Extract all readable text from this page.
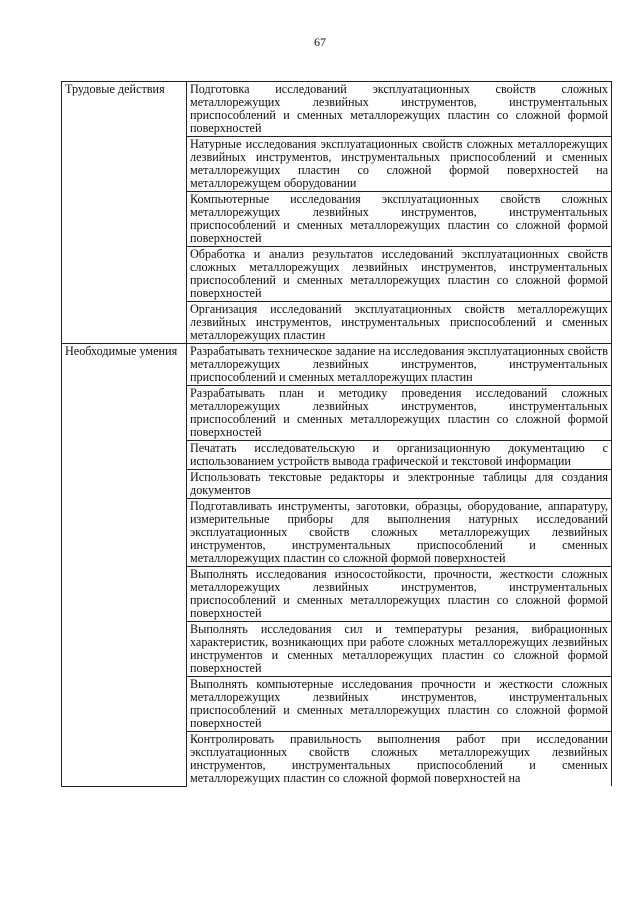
67
Трудовые действия	Подготовка исследований эксплуатационных свойств сложных металлорежущих лезвийных инструментов, инструментальных приспособлений и сменных металлорежущих пластин со сложной формой поверхностей
	Натурные исследования эксплуатационных свойств сложных металлорежущих лезвийных инструментов, инструментальных приспособлений и сменных металлорежущих пластин со сложной формой поверхностей на металлорежущем оборудовании
	Компьютерные исследования эксплуатационных свойств сложных металлорежущих лезвийных инструментов, инструментальных приспособлений и сменных металлорежущих пластин со сложной формой поверхностей
	Обработка и анализ результатов исследований эксплуатационных свойств сложных металлорежущих лезвийных инструментов, инструментальных приспособлений и сменных металлорежущих пластин со сложной формой поверхностей
	Организация исследований эксплуатационных свойств металлорежущих лезвийных инструментов, инструментальных приспособлений и сменных металлорежущих пластин
Необходимые умения	Разрабатывать техническое задание на исследования эксплуатационных свойств металлорежущих лезвийных инструментов, инструментальных приспособлений и сменных металлорежущих пластин
	Разрабатывать план и методику проведения исследований сложных металлорежущих лезвийных инструментов, инструментальных приспособлений и сменных металлорежущих пластин со сложной формой поверхностей
	Печатать исследовательскую и организационную документацию с использованием устройств вывода графической и текстовой информации
	Использовать текстовые редакторы и электронные таблицы для создания документов
	Подготавливать инструменты, заготовки, образцы, оборудование, аппаратуру, измерительные приборы для выполнения натурных исследований эксплуатационных свойств сложных металлорежущих лезвийных инструментов, инструментальных приспособлений и сменных металлорежущих пластин со сложной формой поверхностей
	Выполнять исследования износостойкости, прочности, жесткости сложных металлорежущих лезвийных инструментов, инструментальных приспособлений и сменных металлорежущих пластин со сложной формой поверхностей
	Выполнять исследования сил и температуры резания, вибрационных характеристик, возникающих при работе сложных металлорежущих лезвийных инструментов и сменных металлорежущих пластин со сложной формой поверхностей
	Выполнять компьютерные исследования прочности и жесткости сложных металлорежущих лезвийных инструментов, инструментальных приспособлений и сменных металлорежущих пластин со сложной формой поверхностей
	Контролировать правильность выполнения работ при исследовании эксплуатационных свойств сложных металлорежущих лезвийных инструментов, инструментальных приспособлений и сменных металлорежущих пластин со сложной формой поверхностей на
